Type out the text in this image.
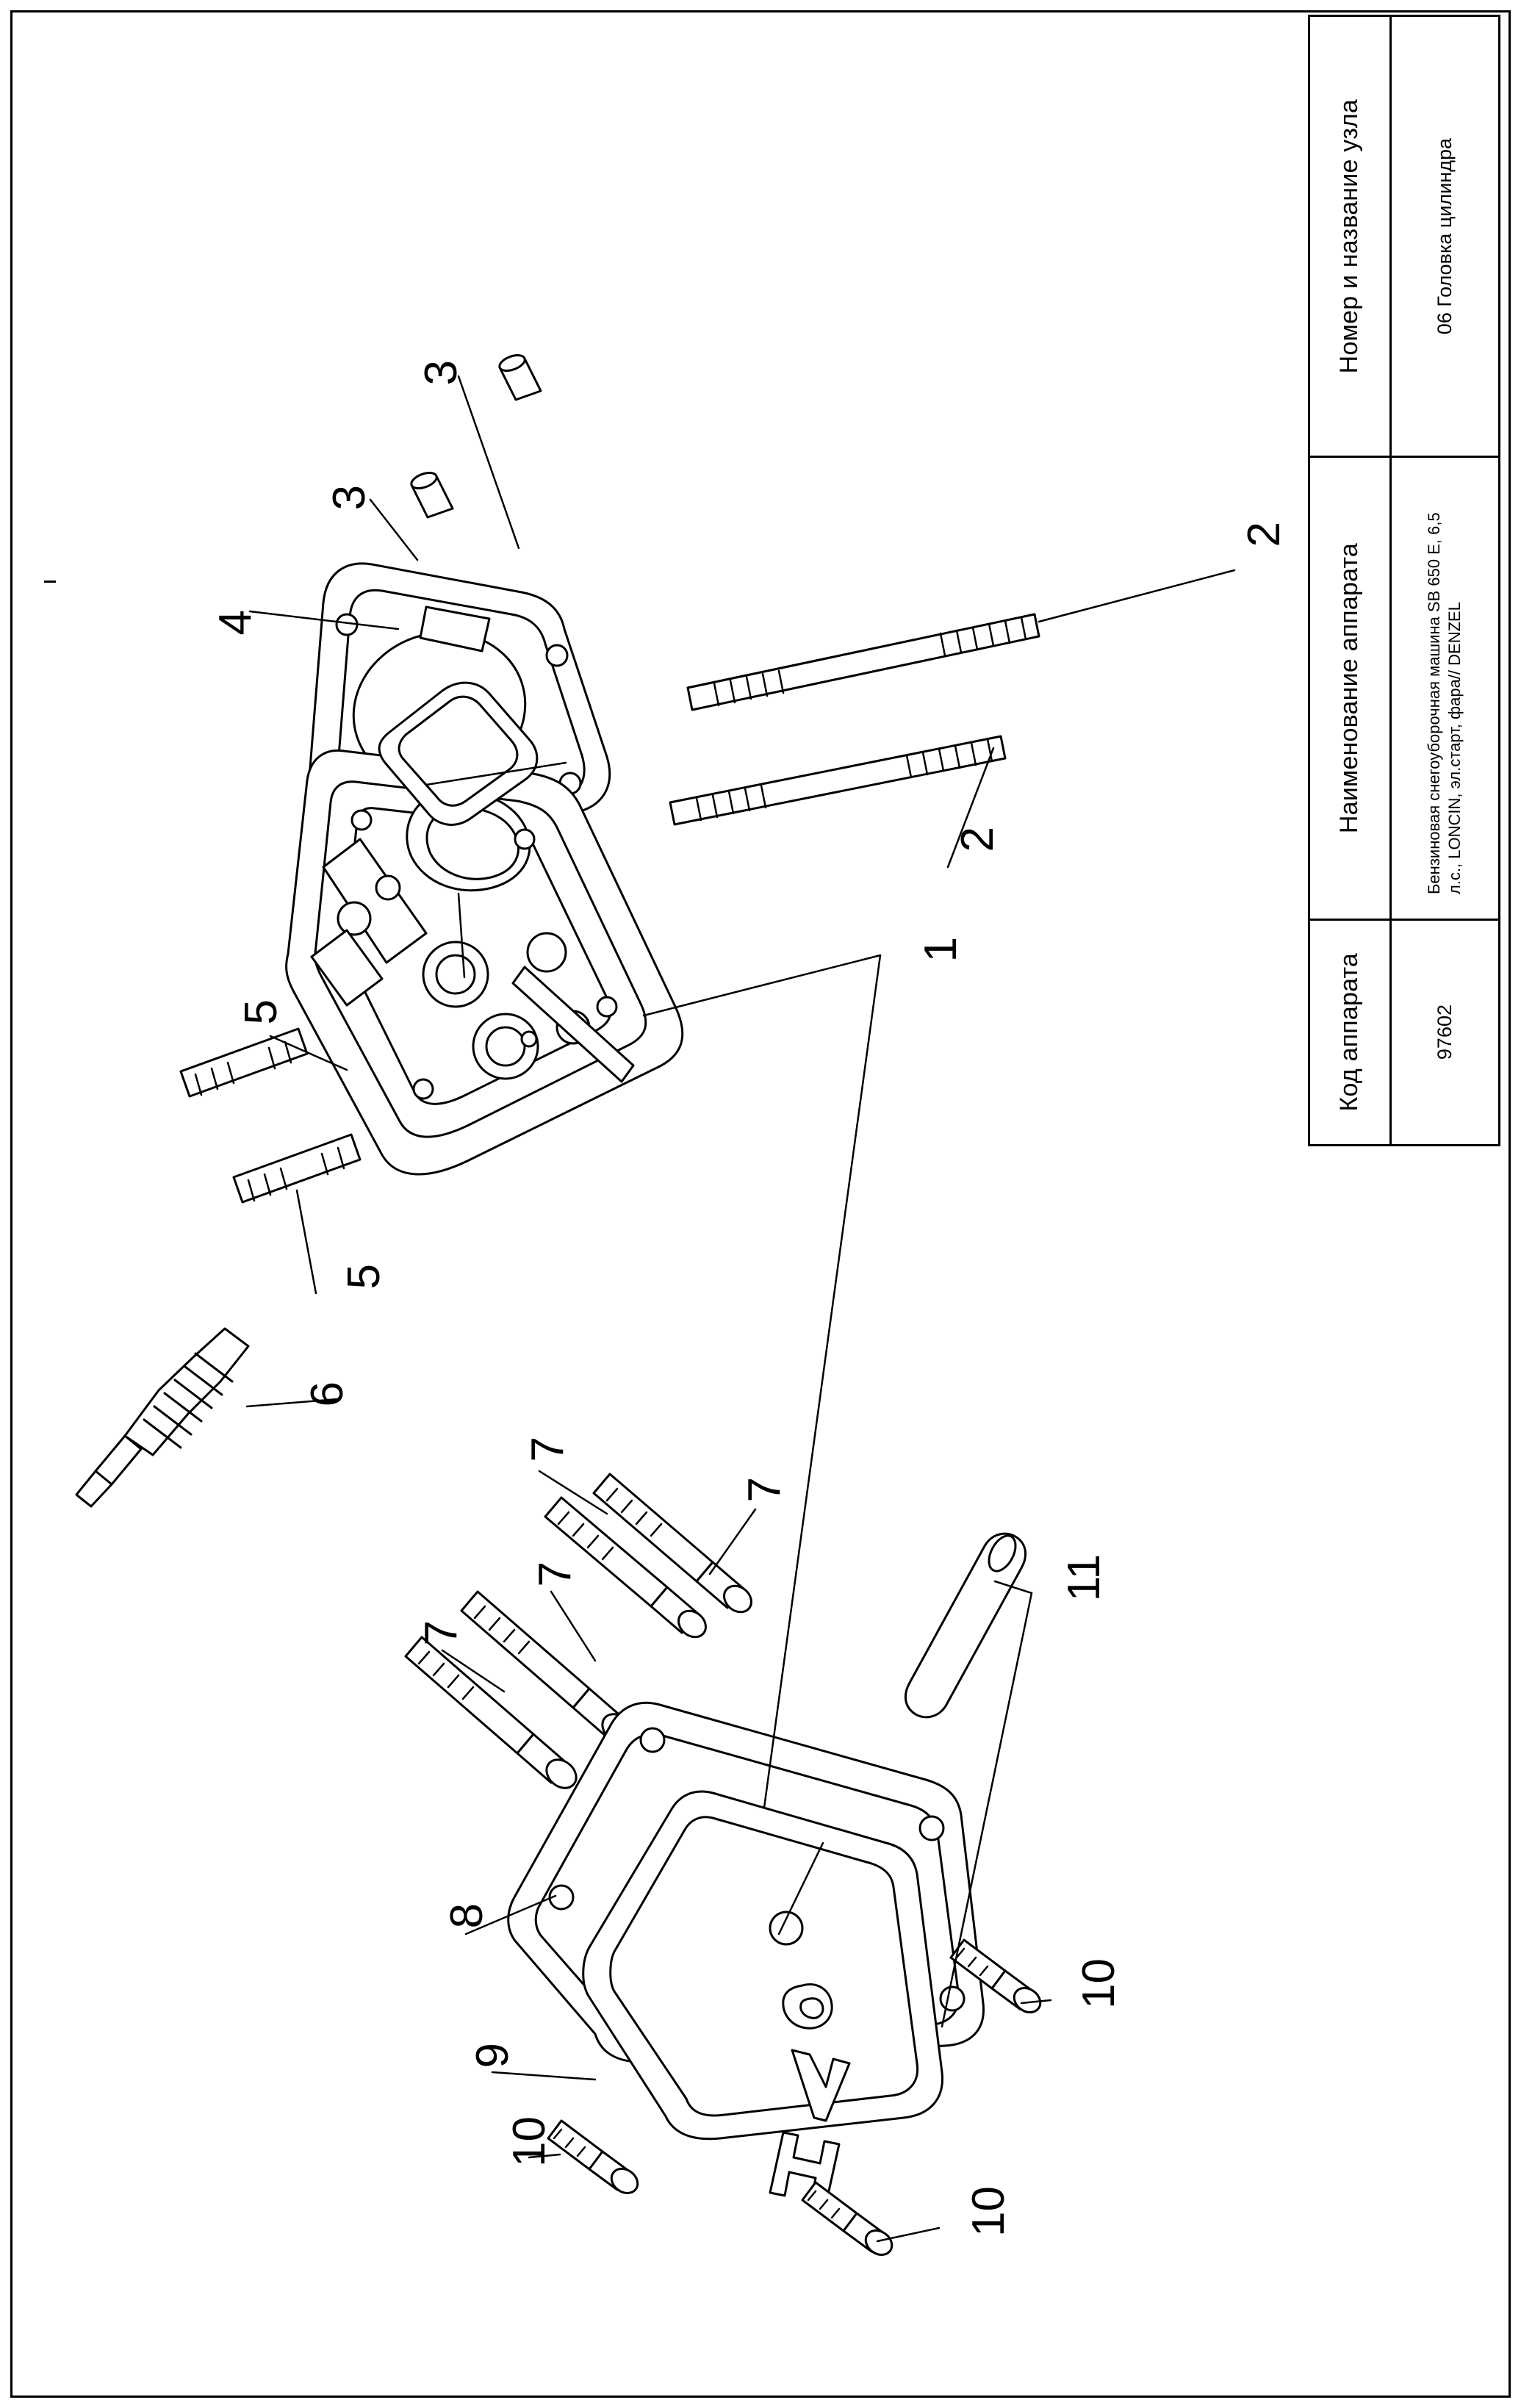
3
3
4
2
2
1
5
5
6
7
7
7
7
11
8
9
10
10
10
Номер и название узла	06 Головка цилиндра
Наименование аппарата	Бензиновая снегоуборочная машина SB 650 E, 6,5 л.с., LONCIN, эл.старт, фара// DENZEL
Код аппарата	97602
